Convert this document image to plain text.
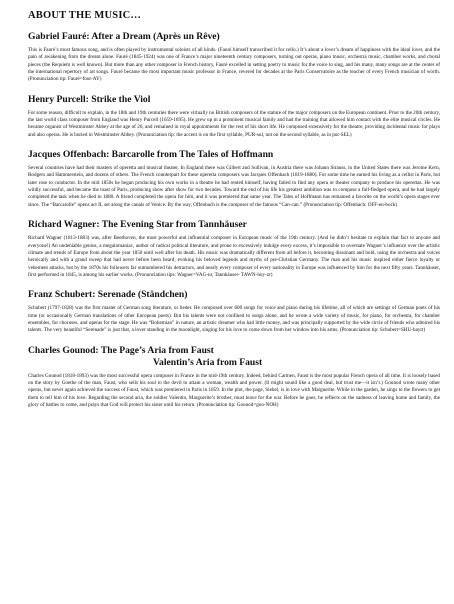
ABOUT THE MUSIC…
Gabriel Fauré: After a Dream (Après un Rêve)

This is Fauré’s most famous song, and is often played by instrumental soloists of all kinds. (Fauré himself transcribed it for cello.) It’s about a lover’s dream of happiness with the ideal lover, and the pain of awakening from the dream alone. Fauré (1845-1924) was one of France’s major nineteenth century composers, turning out operas, piano music, orchestra music, chamber works, and choral pieces (the Requiem is well known). But more than any other composer in French history, Fauré excelled in setting poetry to music for the voice to sing, and his many, many songs are at the center of the international repertory of art songs. Fauré became the most important music professor in France, revered for decades at the Paris Conservatoire as the teacher of every French musician of worth. (Pronunciation tip: Fauré=four-AY)

Henry Purcell: Strike the Viol

For some reason, difficult to explain, in the 18th and 19th centuries there were virtually no British composers of the stature of the major composers on the European continent. Prior to the 20th century, the last world class composer from England was Henry Purcell (1659-1695). He grew up in a prominent musical family and had the training that allowed him contact with the elite musical circles. He became organist of Westminster Abbey at the age of 20, and remained in royal appointments for the rest of his short life. He composed extensively for the theatre, providing incidental music for plays and also operas. He is buried in Westminster Abbey. (Pronunciation tip: the accent is on the first syllable, PUR-sul, not on the second syllable, as in pur-SEL)

Jacques Offenbach: Barcarolle from The Tales of Hoffmann

Several countries have had their masters of operetta and musical theater. In England there was Gilbert and Sullivan, in Austria there was Johann Strauss, in the United States there was Jerome Kern, Rodgers and Hammerstein, and dozens of others. The French counterpart for these operetta composers was Jacques Offenbach (1819-1880). For some time he earned his living as a cellist in Paris, but later rose to conductor. In the mid 1850s he began producing his own works in a theatre he had rented himself, having failed to find any opera or theater company to produce his operettas. He was wildly successful, and became the toast of Paris, producing show after show for two decades. Toward the end of his life his greatest ambition was to compose a full-fledged opera, and he had largely completed the task when he died in 1880. A friend completed the opera for him, and it was premiered that same year. The Tales of Hoffmann has remained a favorite on the world’s opera stages ever since. The “Barcarolle” opens act II, set along the canals of Venice. By the way, Offenbach is the composer of the famous “Can-can.” (Pronunciation tip: Offenbach: OFF-en-bock)

Richard Wagner: The Evening Star from Tannhäuser

Richard Wagner (1813-1883) was, after Beethoven, the most powerful and influential composer in European music of the 19th century. (And he didn’t hesitate to explain that fact to anyone and everyone!) An undeniable genius, a megalomaniac, author of radical political literature, and prone to excessively indulge every excess, it’s impossible to overstate Wagner’s influence over the artistic climate and trends of Europe from about the year 1850 until well after his death. His music was dramatically different from all before it, becoming dissonant and bold, using the orchestra and voices heroically and with a grand sweep that had never before been heard, evoking his beloved legends and myths of pre-Christian Germany. The man and his music inspired either fierce loyalty or vehement attacks, but by the 1870s his followers far outnumbered his detractors, and nearly every composer of every nationality in Europe was influenced by him for the next fifty years. Tannhäuser, first performed in 1845, is among his earlier works. (Pronunciation tips: Wagner=VAG-nr, Tannhäuser- TAWN-hoy-zr)

Franz Schubert: Serenade (Ständchen)

Schubert (1797-1828) was the first master of German song literature, or lieder. He composed over 600 songs for voice and piano during his lifetime, all of which are settings of German poets of his time (or occasionally German translations of other European poets). But his talents were not confined to songs alone, and he wrote a wide variety of music, for piano, for orchestra, for chamber ensembles, for choruses, and operas for the stage. He was “Bohemian” in nature, an artistic dreamer who had little money, and was principally supported by the wide circle of friends who admired his talents. The very beautiful “Serenade” is just that, a lover standing in the moonlight, singing for his love to come down from her window into his arms. (Pronunciation tip: Schubert=SHU-bayrt)

Charles Gounod: The Page’s Aria from Faust
Valentin’s Aria from Faust

Charles Gounod (1818-1893) was the most successful opera composer in France in the mid-19th century. Indeed, behind Carmen, Faust is the most popular French opera of all time. It is loosely based on the story by Goethe of the man, Faust, who sells his soul to the devil to attain a woman, wealth and power. (It might sound like a good deal, but trust me—it isn’t.) Gounod wrote many other operas, but never again achieved the success of Faust, which was premiered in Paris in 1859. In the plot, the page, Siebel, is in love with Marguerite. While in the garden, he sings to the flowers to get them to tell him of his love. Regarding the second aria, the soldier Valentin, Marguerite’s brother, must leave for the war. Before he goes, he reflects on the sadness of leaving home and family, the glory of battles to come, and prays that God will protect his sister until his return. (Pronunciation tip: Gounod=goo-NOH)
